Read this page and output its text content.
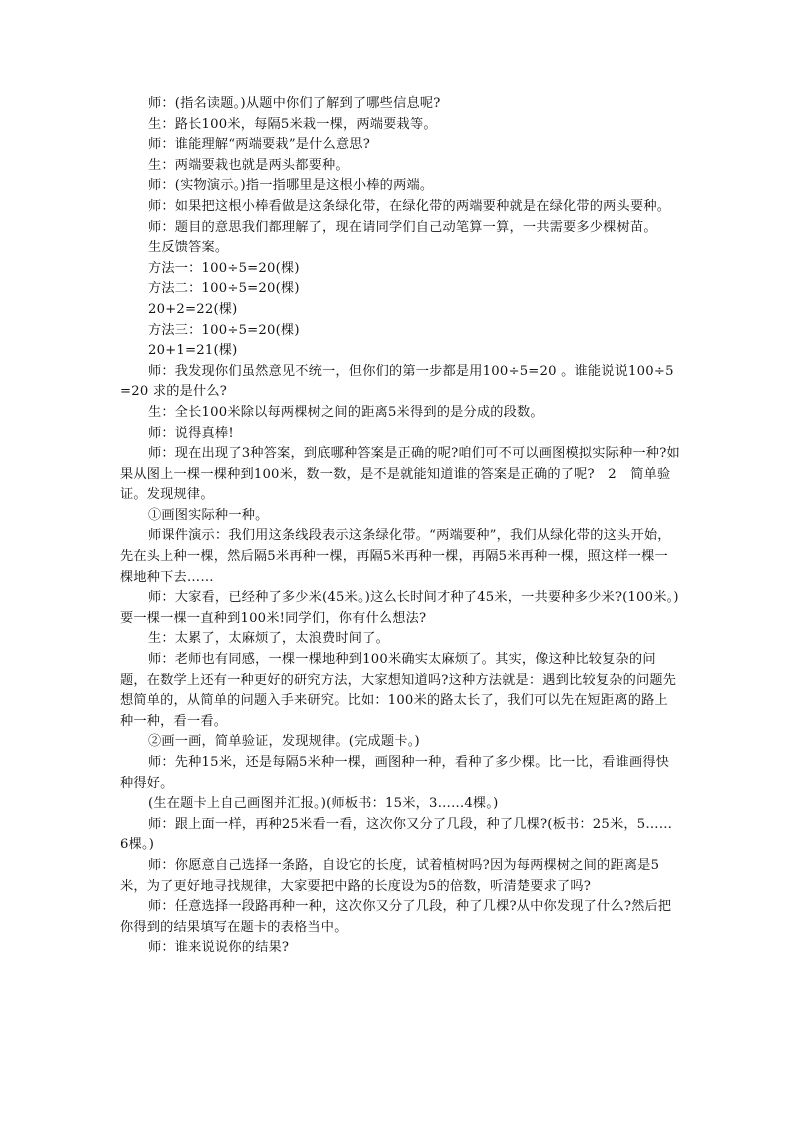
师：(指名读题。)从题中你们了解到了哪些信息呢?

生：路长100米，每隔5米栽一棵，两端要栽等。

师：谁能理解“两端要栽”是什么意思?

生：两端要栽也就是两头都要种。

师：(实物演示。)指一指哪里是这根小棒的两端。

师：如果把这根小棒看做是这条绿化带，在绿化带的两端要种就是在绿化带的两头要种。

师：题目的意思我们都理解了，现在请同学们自己动笔算一算，一共需要多少棵树苗。

生反馈答案。

方法一：100÷5=20(棵)

方法二：100÷5=20(棵)

20+2=22(棵)

方法三：100÷5=20(棵)

20+1=21(棵)

师：我发现你们虽然意见不统一，但你们的第一步都是用100÷5=20 。谁能说说100÷5=20 求的是什么?

生：全长100米除以每两棵树之间的距离5米得到的是分成的段数。

师：说得真棒!

师：现在出现了3种答案，到底哪种答案是正确的呢?咱们可不可以画图模拟实际种一种?如果从图上一棵一棵种到100米，数一数，是不是就能知道谁的答案是正确的了呢?　2　简单验证。发现规律。

①画图实际种一种。

师课件演示：我们用这条线段表示这条绿化带。“两端要种”，我们从绿化带的这头开始，先在头上种一棵，然后隔5米再种一棵，再隔5米再种一棵，再隔5米再种一棵，照这样一棵一棵地种下去……

师：大家看，已经种了多少米(45米。)这么长时间才种了45米，一共要种多少米?(100米。)要一棵一棵一直种到100米!同学们，你有什么想法?

生：太累了，太麻烦了，太浪费时间了。

师：老师也有同感，一棵一棵地种到100米确实太麻烦了。其实，像这种比较复杂的问题，在数学上还有一种更好的研究方法，大家想知道吗?这种方法就是：遇到比较复杂的问题先想简单的，从简单的问题入手来研究。比如：100米的路太长了，我们可以先在短距离的路上种一种，看一看。

②画一画，简单验证，发现规律。(完成题卡。)

师：先种15米，还是每隔5米种一棵，画图种一种，看种了多少棵。比一比，看谁画得快种得好。

(生在题卡上自己画图并汇报。)(师板书：15米，3……4棵。)

师：跟上面一样，再种25米看一看，这次你又分了几段，种了几棵?(板书：25米，5……6棵。)

师：你愿意自己选择一条路，自设它的长度，试着植树吗?因为每两棵树之间的距离是5米，为了更好地寻找规律，大家要把中路的长度设为5的倍数，听清楚要求了吗?

师：任意选择一段路再种一种，这次你又分了几段，种了几棵?从中你发现了什么?然后把你得到的结果填写在题卡的表格当中。

师：谁来说说你的结果?
